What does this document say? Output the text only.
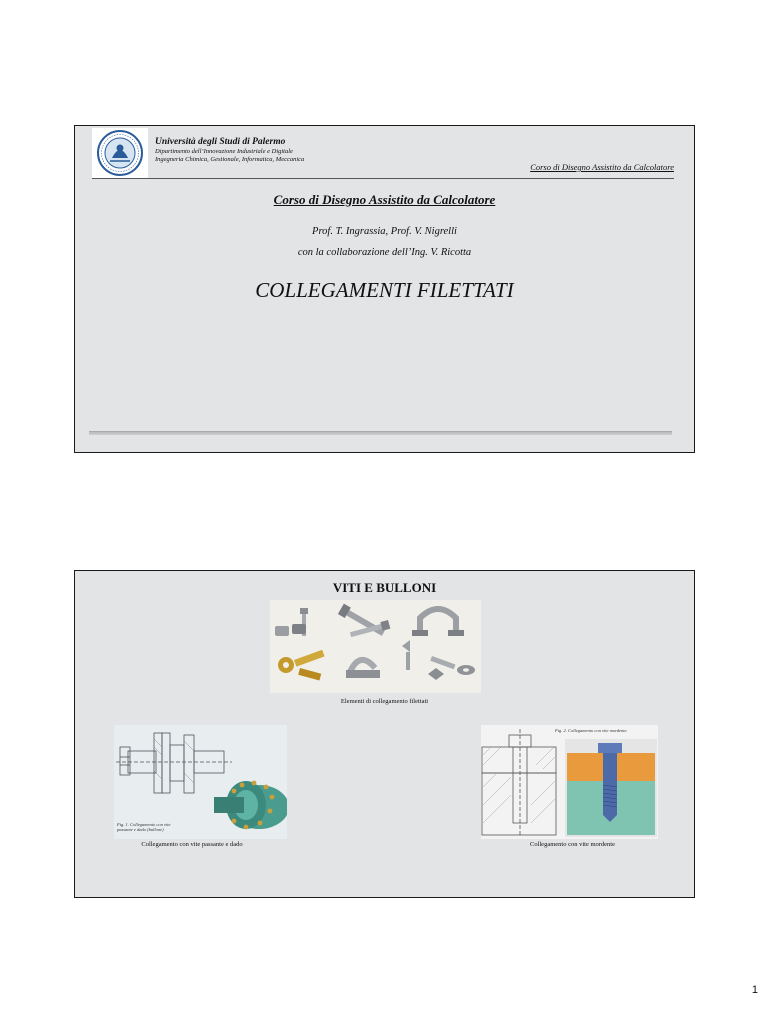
Università degli Studi di Palermo
Dipartimento dell’Innovazione Industriale e Digitale
Ingegneria Chimica, Gestionale, Informatica, Meccanica
Corso di Disegno Assistito da Calcolatore
Corso di Disegno Assistito da Calcolatore
Prof. T. Ingrassia, Prof. V. Nigrelli
con la collaborazione dell’Ing. V. Ricotta
COLLEGAMENTI FILETTATI
VITI E BULLONI
Elementi di collegamento filettati
Fig. 1. Collegamento con vite passante e dado (bullone)
Collegamento con vite passante e dado
Fig. 2. Collegamento con vite mordente.
Collegamento con vite mordente
1
